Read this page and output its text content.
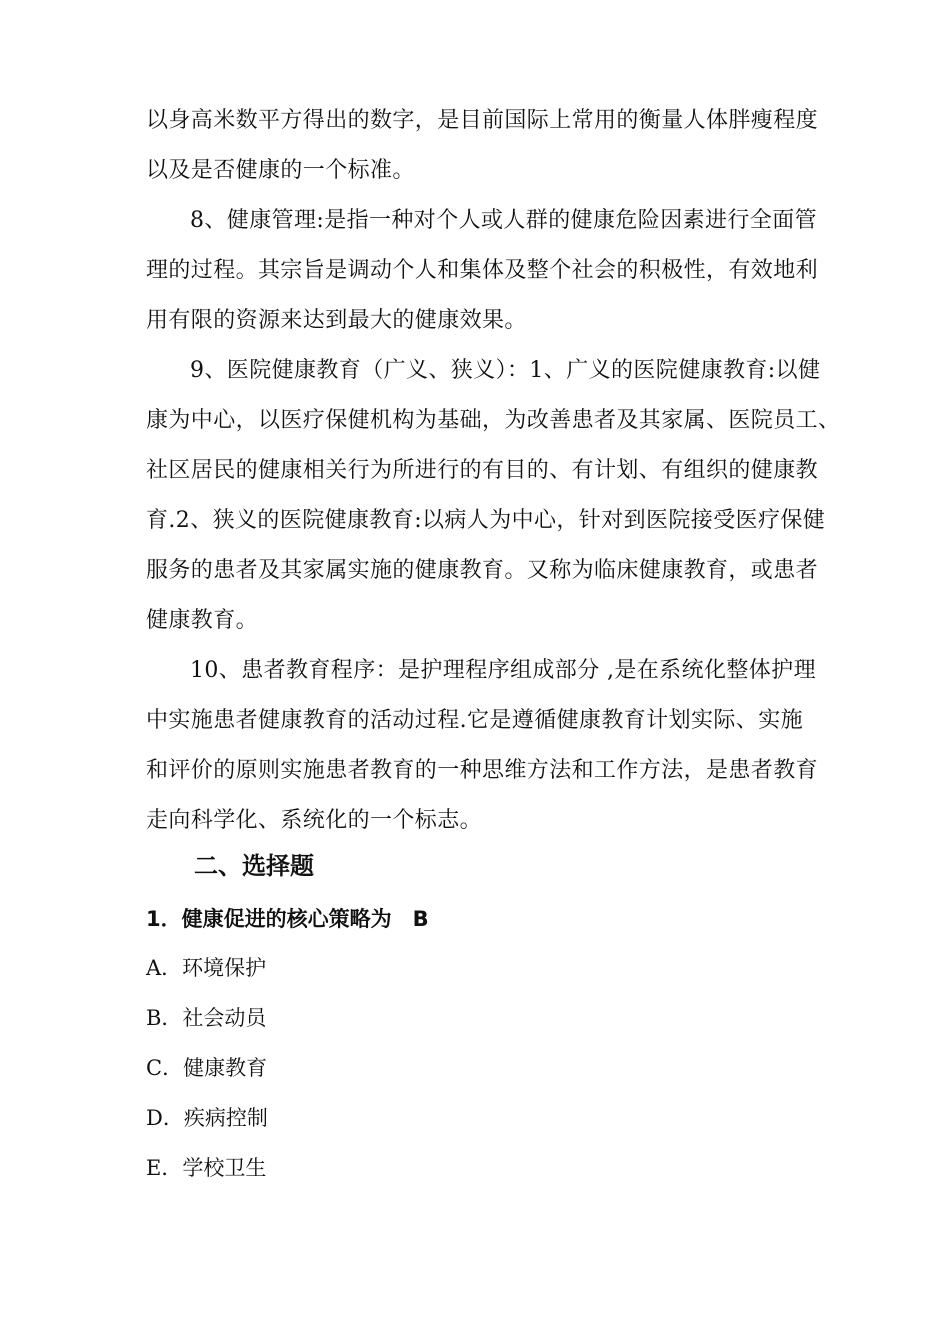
以身高米数平方得出的数字，是目前国际上常用的衡量人体胖瘦程度
以及是否健康的一个标准。
8、健康管理:是指一种对个人或人群的健康危险因素进行全面管
理的过程。其宗旨是调动个人和集体及整个社会的积极性，有效地利
用有限的资源来达到最大的健康效果。
9、医院健康教育（广义、狭义）：1、广义的医院健康教育:以健
康为中心，以医疗保健机构为基础，为改善患者及其家属、医院员工、
社区居民的健康相关行为所进行的有目的、有计划、有组织的健康教
育.2、狭义的医院健康教育:以病人为中心，针对到医院接受医疗保健
服务的患者及其家属实施的健康教育。又称为临床健康教育，或患者
健康教育。
10、患者教育程序：是护理程序组成部分 ,是在系统化整体护理
中实施患者健康教育的活动过程.它是遵循健康教育计划实际、实施
和评价的原则实施患者教育的一种思维方法和工作方法，是患者教育
走向科学化、系统化的一个标志。
二、选择题
1．健康促进的核心策略为　B
A．环境保护
B．社会动员
C．健康教育
D．疾病控制
E．学校卫生
